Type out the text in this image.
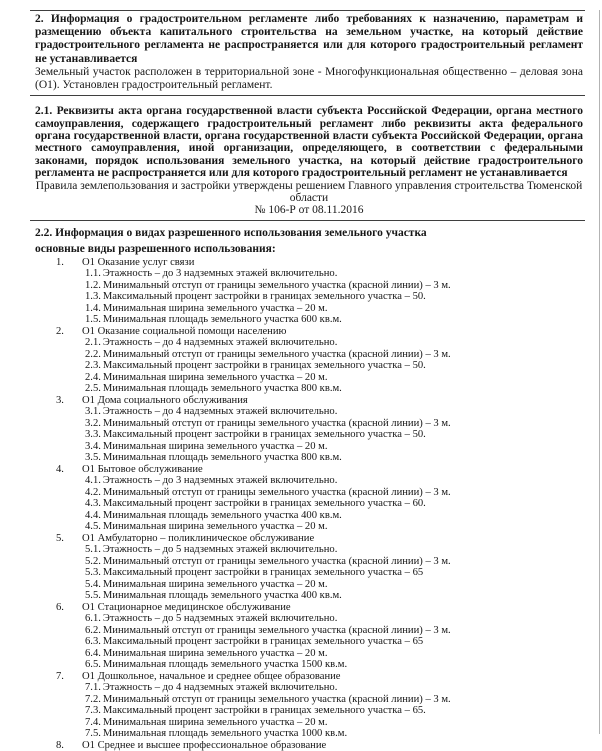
2. Информация о градостроительном регламенте либо требованиях к назначению, параметрам и размещению объекта капитального строительства на земельном участке, на который действие градостроительного регламента не распространяется или для которого градостроительный регламент не устанавливается

Земельный участок расположен в территориальной зоне - Многофункциональная общественно – деловая зона (О1). Установлен градостроительный регламент.

2.1. Реквизиты акта органа государственной власти субъекта Российской Федерации, органа местного самоуправления, содержащего градостроительный регламент либо реквизиты акта федерального органа государственной власти, органа государственной власти субъекта Российской Федерации, органа местного самоуправления, иной организации, определяющего, в соответствии с федеральными законами, порядок использования земельного участка, на который действие градостроительного регламента не распространяется или для которого градостроительный регламент не устанавливается

Правила землепользования и застройки утверждены решением Главного управления строительства Тюменской области

№ 106-Р от 08.11.2016

2.2. Информация о видах разрешенного использования земельного участка

основные виды разрешенного использования:

1. О1 Оказание услуг связи
1.1. Этажность – до 3 надземных этажей включительно.
1.2. Минимальный отступ от границы земельного участка (красной линии) – 3 м.
1.3. Максимальный процент застройки в границах земельного участка – 50.
1.4. Минимальная ширина земельного участка – 20 м.
1.5. Минимальная площадь земельного участка 600 кв.м.
2. О1 Оказание социальной помощи населению
2.1. Этажность – до 4 надземных этажей включительно.
2.2. Минимальный отступ от границы земельного участка (красной линии) – 3 м.
2.3. Максимальный процент застройки в границах земельного участка – 50.
2.4. Минимальная ширина земельного участка – 20 м.
2.5. Минимальная площадь земельного участка 800 кв.м.
3. О1 Дома социального обслуживания
3.1. Этажность – до 4 надземных этажей включительно.
3.2. Минимальный отступ от границы земельного участка (красной линии) – 3 м.
3.3. Максимальный процент застройки в границах земельного участка – 50.
3.4. Минимальная ширина земельного участка – 20 м.
3.5. Минимальная площадь земельного участка 800 кв.м.
4. О1 Бытовое обслуживание
4.1. Этажность – до 3 надземных этажей включительно.
4.2. Минимальный отступ от границы земельного участка (красной линии) – 3 м.
4.3. Максимальный процент застройки в границах земельного участка – 60.
4.4. Минимальная площадь земельного участка 400 кв.м.
4.5. Минимальная ширина земельного участка – 20 м.
5. О1 Амбулаторно – поликлиническое обслуживание
5.1. Этажность – до 5 надземных этажей включительно.
5.2. Минимальный отступ от границы земельного участка (красной линии) – 3 м.
5.3. Максимальный процент застройки в границах земельного участка – 65
5.4. Минимальная ширина земельного участка – 20 м.
5.5. Минимальная площадь земельного участка 400 кв.м.
6. О1 Стационарное медицинское обслуживание
6.1. Этажность – до 5 надземных этажей включительно.
6.2. Минимальный отступ от границы земельного участка (красной линии) – 3 м.
6.3. Максимальный процент застройки в границах земельного участка – 65
6.4. Минимальная ширина земельного участка – 20 м.
6.5. Минимальная площадь земельного участка 1500 кв.м.
7. О1 Дошкольное, начальное и среднее общее образование
7.1. Этажность – до 4 надземных этажей включительно.
7.2. Минимальный отступ от границы земельного участка (красной линии) – 3 м.
7.3. Максимальный процент застройки в границах земельного участка – 65.
7.4. Минимальная ширина земельного участка – 20 м.
7.5. Минимальная площадь земельного участка 1000 кв.м.
8. О1 Среднее и высшее профессиональное образование
